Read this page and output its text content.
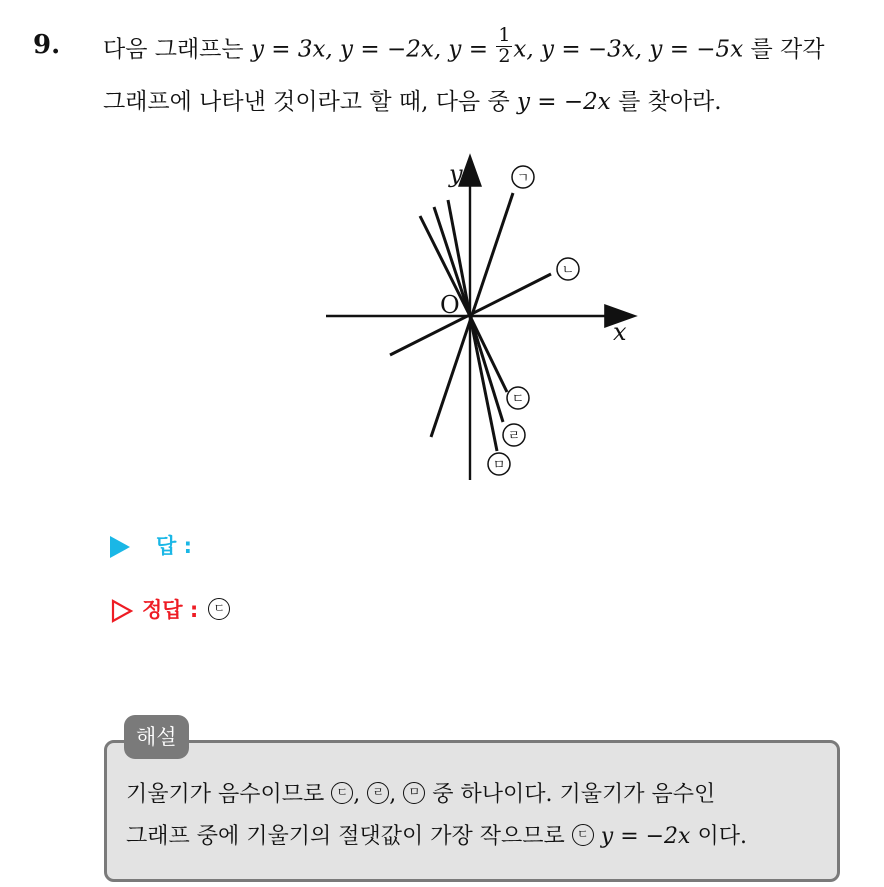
9. 다음 그래프는 y = 3x, y = −2x, $y = \frac{1}{2} x$, y = −3x, y = −5x 를 각각
그래프에 나타낸 것이라고 할 때, 다음 중 y = −2x 를 찾아라.
y
x
O
ㄱ
ㄴ
ㄷ
ㄹ
ㅁ
답 :
정답 : ㄷ
해설
기울기가 음수이므로 ㄷ , ㄹ , ㅁ 중 하나이다. 기울기가 음수인
그래프 중에 기울기의 절댓값이 가장 작으므로 ㄷ y = −2x 이다.
